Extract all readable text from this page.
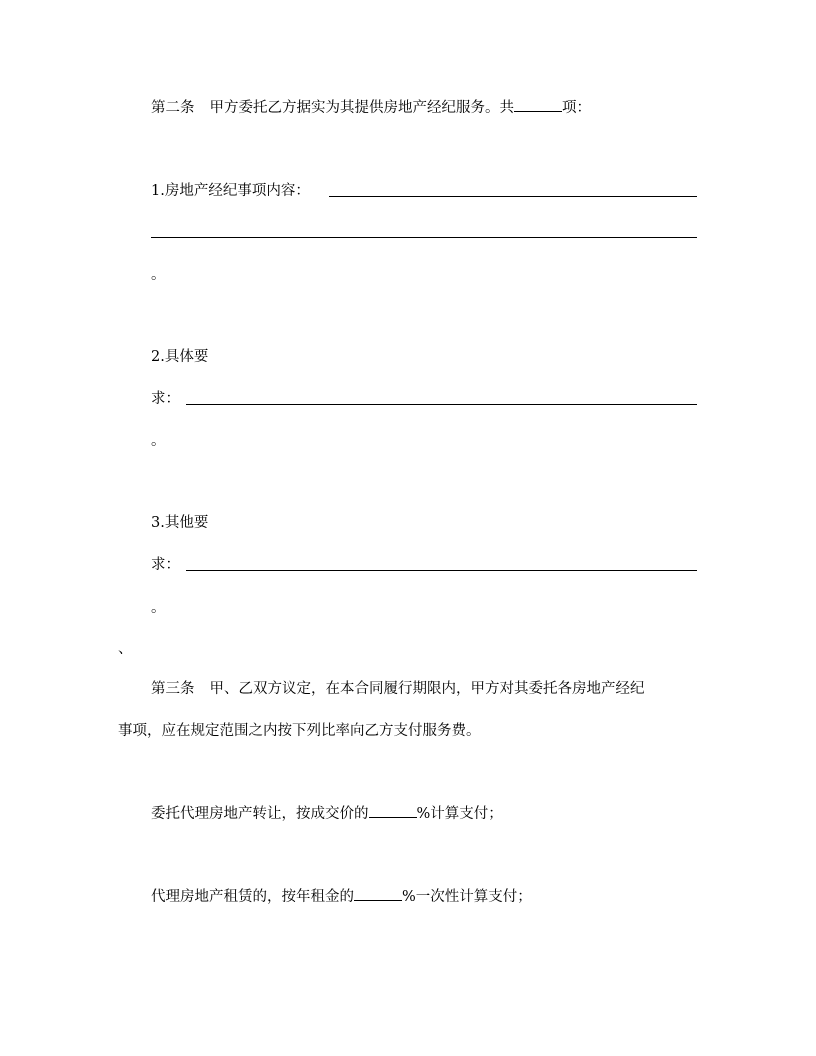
第二条 甲方委托乙方据实为其提供房地产经纪服务。共	项：
1.房地产经纪事项内容：
。
2.具体要
求：
。
3.其他要
求：
。
、
第三条 甲、乙双方议定，在本合同履行期限内，甲方对其委托各房地产经纪
事项，应在规定范围之内按下列比率向乙方支付服务费。
委托代理房地产转让，按成交价的	%计算支付；
代理房地产租赁的，按年租金的	%一次性计算支付；
